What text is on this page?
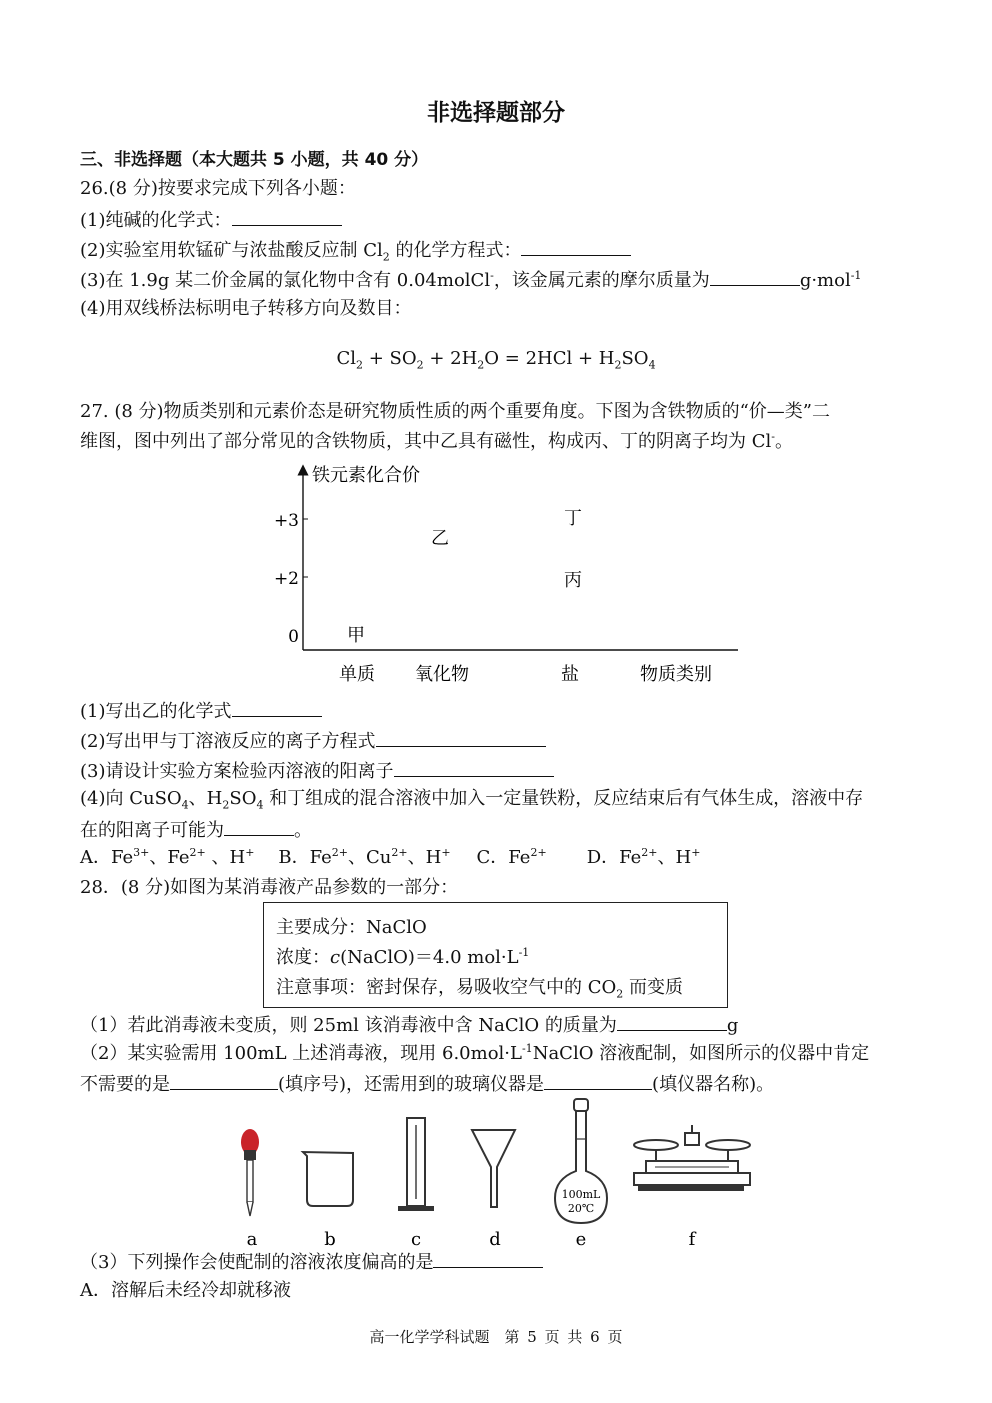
非选择题部分
三、非选择题（本大题共 5 小题，共 40 分）
26.(8 分)按要求完成下列各小题：
(1)纯碱的化学式：
(2)实验室用软锰矿与浓盐酸反应制 $Cl_2$ 的化学方程式：
(3)在 1.9g 某二价金属的氯化物中含有 0.04molCl-，该金属元素的摩尔质量为	g·mol$^{-1}$
(4)用双线桥法标明电子转移方向及数目：
$Cl_2 + SO_2 + 2H_2O = 2HCl + H_2SO_4$
27. (8 分)物质类别和元素价态是研究物质性质的两个重要角度。下图为含铁物质的“价—类”二
维图，图中列出了部分常见的含铁物质，其中乙具有磁性，构成丙、丁的阴离子均为 Cl-。
铁元素化合价
+3
+2
0
单质 氧化物	盐	物质类别
甲
乙
丙
丁
(1)写出乙的化学式
(2)写出甲与丁溶液反应的离子方程式
(3)请设计实验方案检验丙溶液的阳离子
(4)向 CuSO$_4$、$H_2SO_4$ 和丁组成的混合溶液中加入一定量铁粉，反应结束后有气体生成，溶液中存
在的阳离子可能为	。
A．$Fe^{3+}$、$Fe^{2+}$ 、H+ B．$Fe^{2+}$、$Cu^{2+}$、H+ C．$Fe^{2+}$ D．$Fe^{2+}$、H+
28．(8 分)如图为某消毒液产品参数的一部分：
主要成分：NaClO
浓度：c(NaClO)＝4.0 $mol\cdot L^{-1}$
注意事项：密封保存，易吸收空气中的 $CO_2$ 而变质
（1）若此消毒液未变质，则 25ml 该消毒液中含 NaClO 的质量为	g
（2）某实验需用 100mL 上述消毒液，现用 $6.0mol\cdot L^{-1}NaClO$ 溶液配制，如图所示的仪器中肯定
不需要的是	(填序号)，还需用到的玻璃仪器是	(填仪器名称)。
100mL
20℃
a	b	c	d	e	f
（3）下列操作会使配制的溶液浓度偏高的是
A．溶解后未经冷却就移液
高一化学学科试题　第 5 页 共 6 页
